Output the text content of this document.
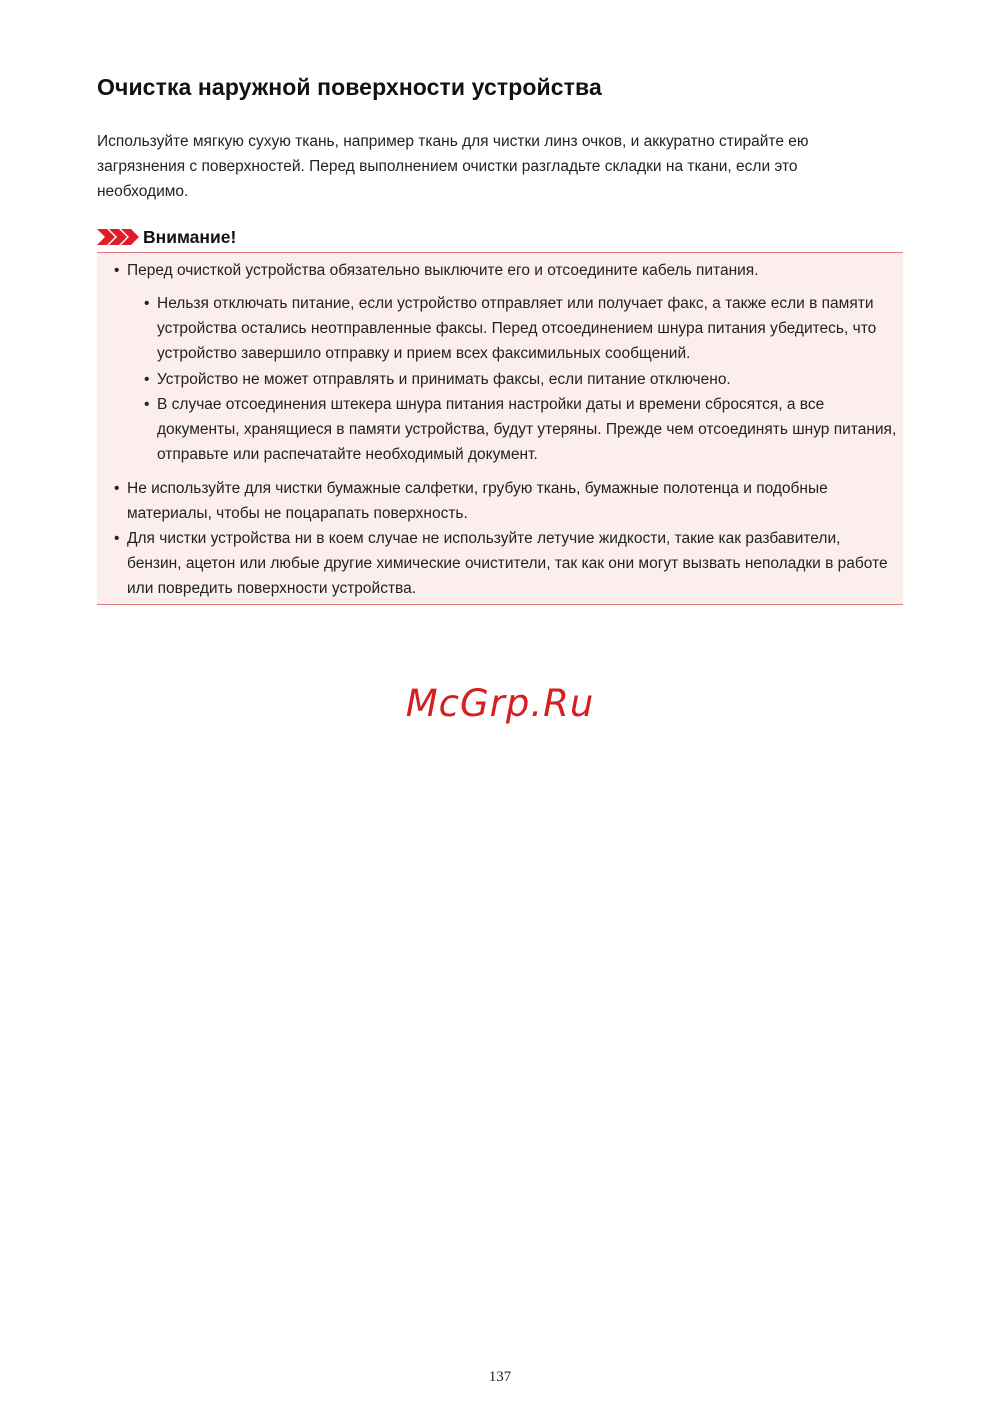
Очистка наружной поверхности устройства

Используйте мягкую сухую ткань, например ткань для чистки линз очков, и аккуратно стирайте ею загрязнения с поверхностей. Перед выполнением очистки разгладьте складки на ткани, если это необходимо.

Внимание!
• Перед очисткой устройства обязательно выключите его и отсоедините кабель питания.
• Нельзя отключать питание, если устройство отправляет или получает факс, а также если в памяти устройства остались неотправленные факсы. Перед отсоединением шнура питания убедитесь, что устройство завершило отправку и прием всех факсимильных сообщений.
• Устройство не может отправлять и принимать факсы, если питание отключено.
• В случае отсоединения штекера шнура питания настройки даты и времени сбросятся, а все документы, хранящиеся в памяти устройства, будут утеряны. Прежде чем отсоединять шнур питания, отправьте или распечатайте необходимый документ.
• Не используйте для чистки бумажные салфетки, грубую ткань, бумажные полотенца и подобные материалы, чтобы не поцарапать поверхность.
• Для чистки устройства ни в коем случае не используйте летучие жидкости, такие как разбавители, бензин, ацетон или любые другие химические очистители, так как они могут вызвать неполадки в работе или повредить поверхности устройства.
McGrp.Ru
137
